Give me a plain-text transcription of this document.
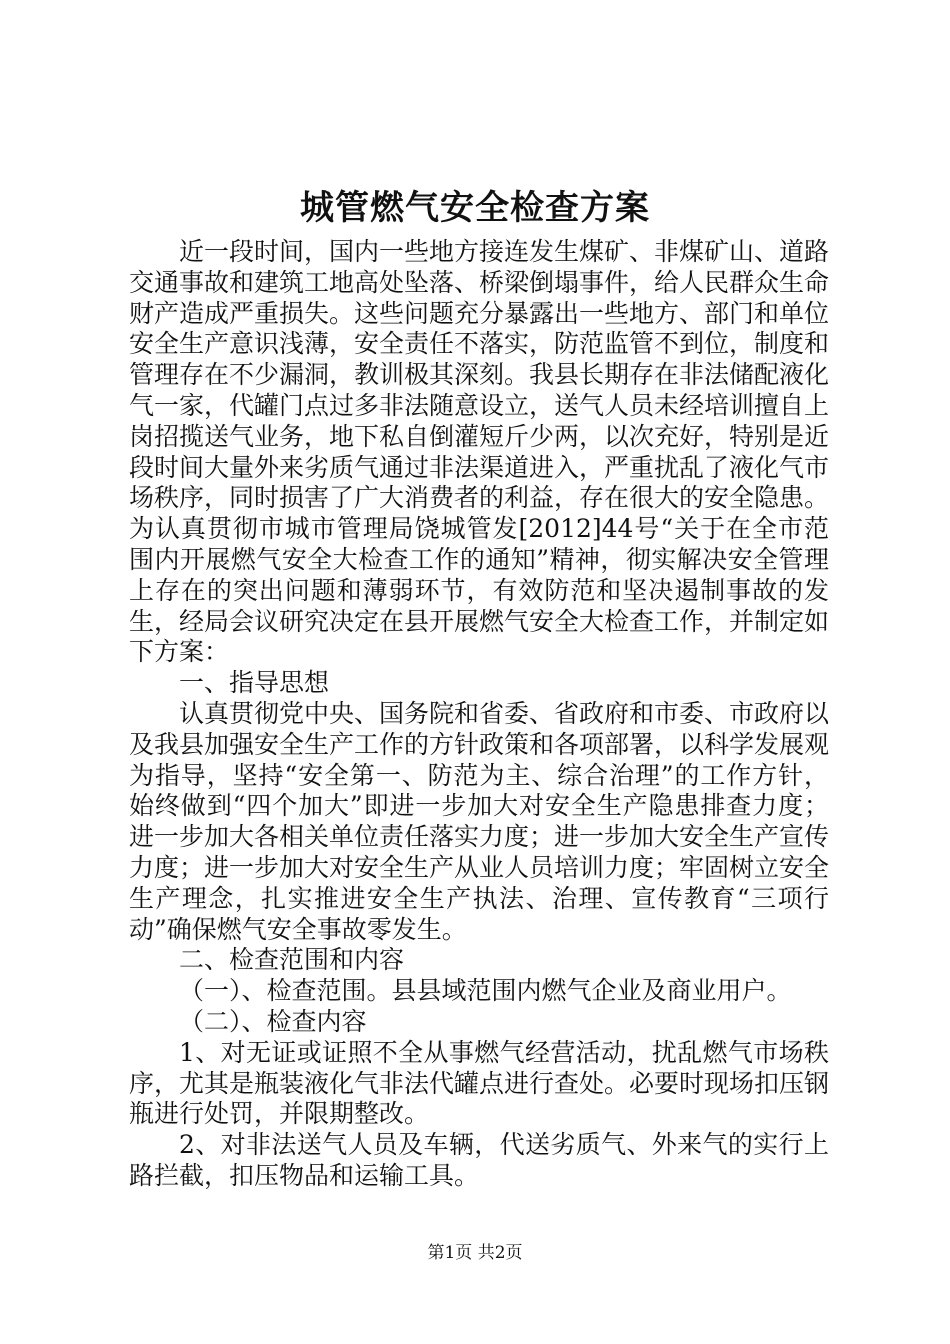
城管燃气安全检查方案

近一段时间，国内一些地方接连发生煤矿、非煤矿山、道路交通事故和建筑工地高处坠落、桥梁倒塌事件，给人民群众生命财产造成严重损失。这些问题充分暴露出一些地方、部门和单位安全生产意识浅薄，安全责任不落实，防范监管不到位，制度和管理存在不少漏洞，教训极其深刻。我县长期存在非法储配液化气一家，代罐门点过多非法随意设立，送气人员未经培训擅自上岗招揽送气业务，地下私自倒灌短斤少两，以次充好，特别是近段时间大量外来劣质气通过非法渠道进入，严重扰乱了液化气市场秩序，同时损害了广大消费者的利益，存在很大的安全隐患。为认真贯彻市城市管理局饶城管发[2012]44号“关于在全市范围内开展燃气安全大检查工作的通知”精神，彻实解决安全管理上存在的突出问题和薄弱环节，有效防范和坚决遏制事故的发生，经局会议研究决定在县开展燃气安全大检查工作，并制定如下方案：

一、指导思想

认真贯彻党中央、国务院和省委、省政府和市委、市政府以及我县加强安全生产工作的方针政策和各项部署，以科学发展观为指导，坚持“安全第一、防范为主、综合治理”的工作方针，始终做到“四个加大”即进一步加大对安全生产隐患排查力度；进一步加大各相关单位责任落实力度；进一步加大安全生产宣传力度；进一步加大对安全生产从业人员培训力度；牢固树立安全生产理念，扎实推进安全生产执法、治理、宣传教育“三项行动”确保燃气安全事故零发生。

二、检查范围和内容

（一）、检查范围。县县域范围内燃气企业及商业用户。

（二）、检查内容

1、对无证或证照不全从事燃气经营活动，扰乱燃气市场秩序，尤其是瓶装液化气非法代罐点进行查处。必要时现场扣压钢瓶进行处罚，并限期整改。

2、对非法送气人员及车辆，代送劣质气、外来气的实行上路拦截，扣压物品和运输工具。

第1页 共2页
